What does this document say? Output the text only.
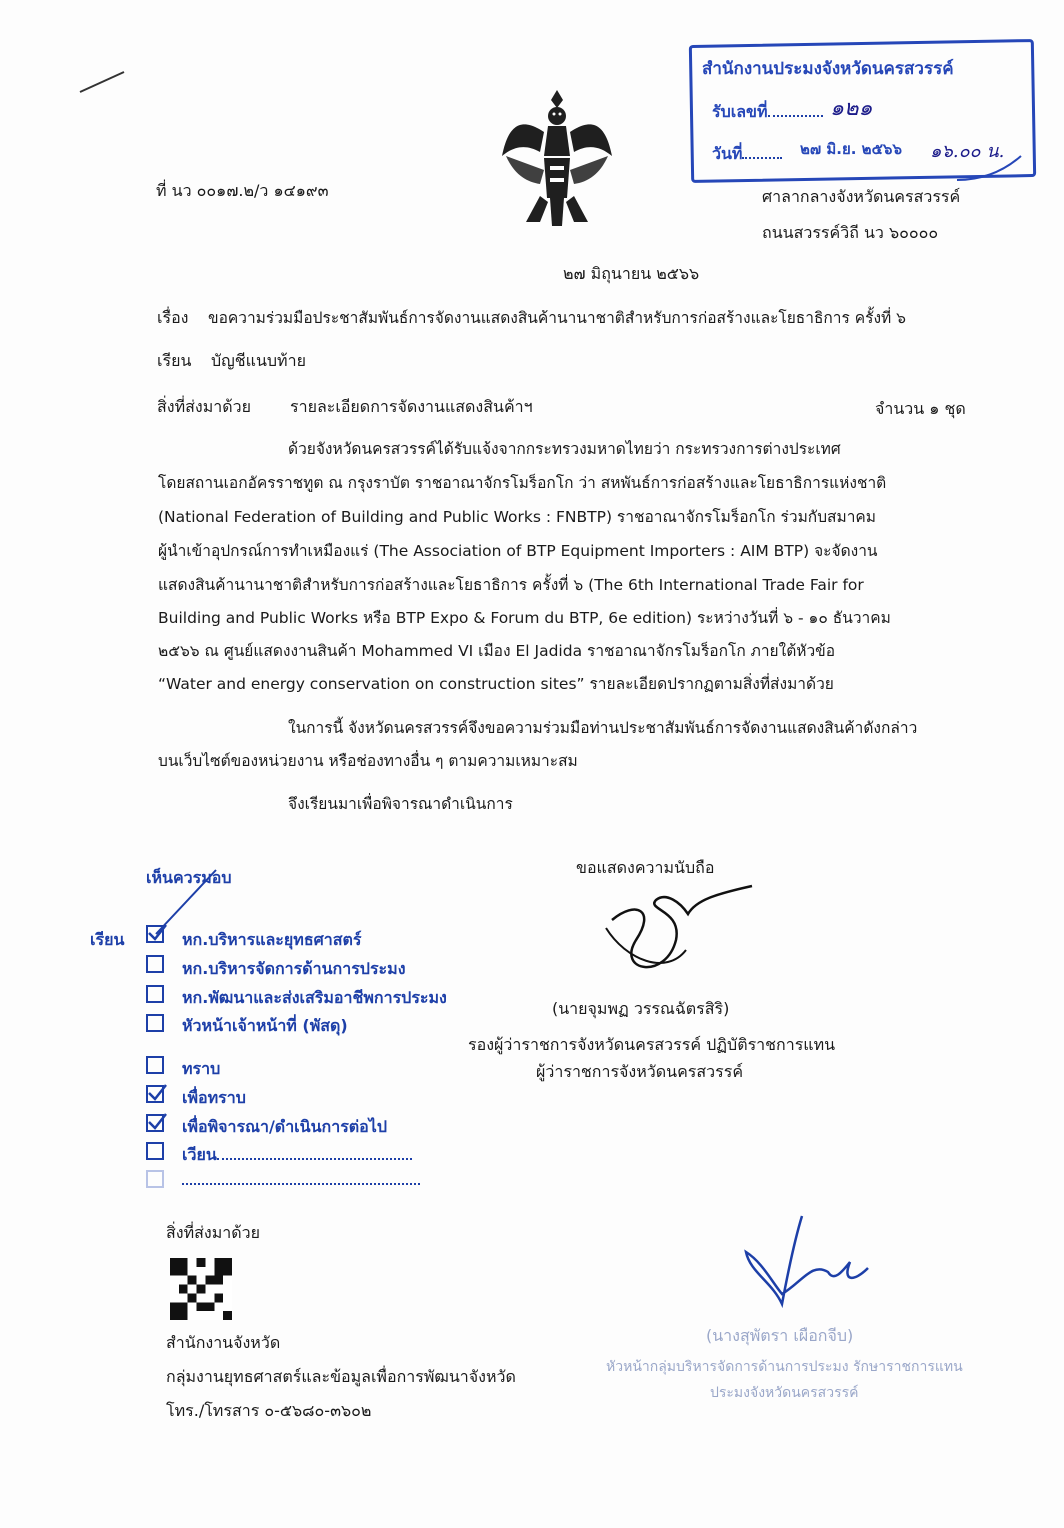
สำนักงานประมงจังหวัดนครสวรรค์
รับเลขที่	๑๒๑
วันที่	๒๗ มิ.ย. ๒๕๖๖ ๑๖.๐๐ น.
ที่ นว ๐๐๑๗.๒/ว ๑๔๑๙๓	ศาลากลางจังหวัดนครสวรรค์
ถนนสวรรค์วิถี นว ๖๐๐๐๐
๒๗ มิถุนายน ๒๕๖๖
เรื่อง ขอความร่วมมือประชาสัมพันธ์การจัดงานแสดงสินค้านานาชาติสำหรับการก่อสร้างและโยธาธิการ ครั้งที่ ๖
เรียน บัญชีแนบท้าย
สิ่งที่ส่งมาด้วย รายละเอียดการจัดงานแสดงสินค้าฯ	จำนวน ๑ ชุด
ด้วยจังหวัดนครสวรรค์ได้รับแจ้งจากกระทรวงมหาดไทยว่า กระทรวงการต่างประเทศ
โดยสถานเอกอัครราชทูต ณ กรุงราบัต ราชอาณาจักรโมร็อกโก ว่า สหพันธ์การก่อสร้างและโยธาธิการแห่งชาติ
(National Federation of Building and Public Works : FNBTP) ราชอาณาจักรโมร็อกโก ร่วมกับสมาคม
ผู้นำเข้าอุปกรณ์การทำเหมืองแร่ (The Association of BTP Equipment Importers : AIM BTP) จะจัดงาน
แสดงสินค้านานาชาติสำหรับการก่อสร้างและโยธาธิการ ครั้งที่ ๖ (The 6th International Trade Fair for
Building and Public Works หรือ BTP Expo & Forum du BTP, 6e edition) ระหว่างวันที่ ๖ - ๑๐ ธันวาคม
๒๕๖๖ ณ ศูนย์แสดงงานสินค้า Mohammed VI เมือง El Jadida ราชอาณาจักรโมร็อกโก ภายใต้หัวข้อ
“Water and energy conservation on construction sites” รายละเอียดปรากฏตามสิ่งที่ส่งมาด้วย
ในการนี้ จังหวัดนครสวรรค์จึงขอความร่วมมือท่านประชาสัมพันธ์การจัดงานแสดงสินค้าดังกล่าว
บนเว็บไซต์ของหน่วยงาน หรือช่องทางอื่น ๆ ตามความเหมาะสม
จึงเรียนมาเพื่อพิจารณาดำเนินการ
ขอแสดงความนับถือ
(นายจุมพฏ วรรณฉัตรสิริ)
รองผู้ว่าราชการจังหวัดนครสวรรค์ ปฏิบัติราชการแทน
ผู้ว่าราชการจังหวัดนครสวรรค์
เห็นควรมอบ
เรียน	หก.บริหารและยุทธศาสตร์
หก.บริหารจัดการด้านการประมง
หก.พัฒนาและส่งเสริมอาชีพการประมง
หัวหน้าเจ้าหน้าที่ (พัสดุ)
ทราบ
เพื่อทราบ
เพื่อพิจารณา/ดำเนินการต่อไป
เวียน
สิ่งที่ส่งมาด้วย
สำนักงานจังหวัด
กลุ่มงานยุทธศาสตร์และข้อมูลเพื่อการพัฒนาจังหวัด
โทร./โทรสาร ๐-๕๖๘๐-๓๖๐๒
(นางสุพัตรา เผือกจีบ)
หัวหน้ากลุ่มบริหารจัดการด้านการประมง รักษาราชการแทน
ประมงจังหวัดนครสวรรค์
